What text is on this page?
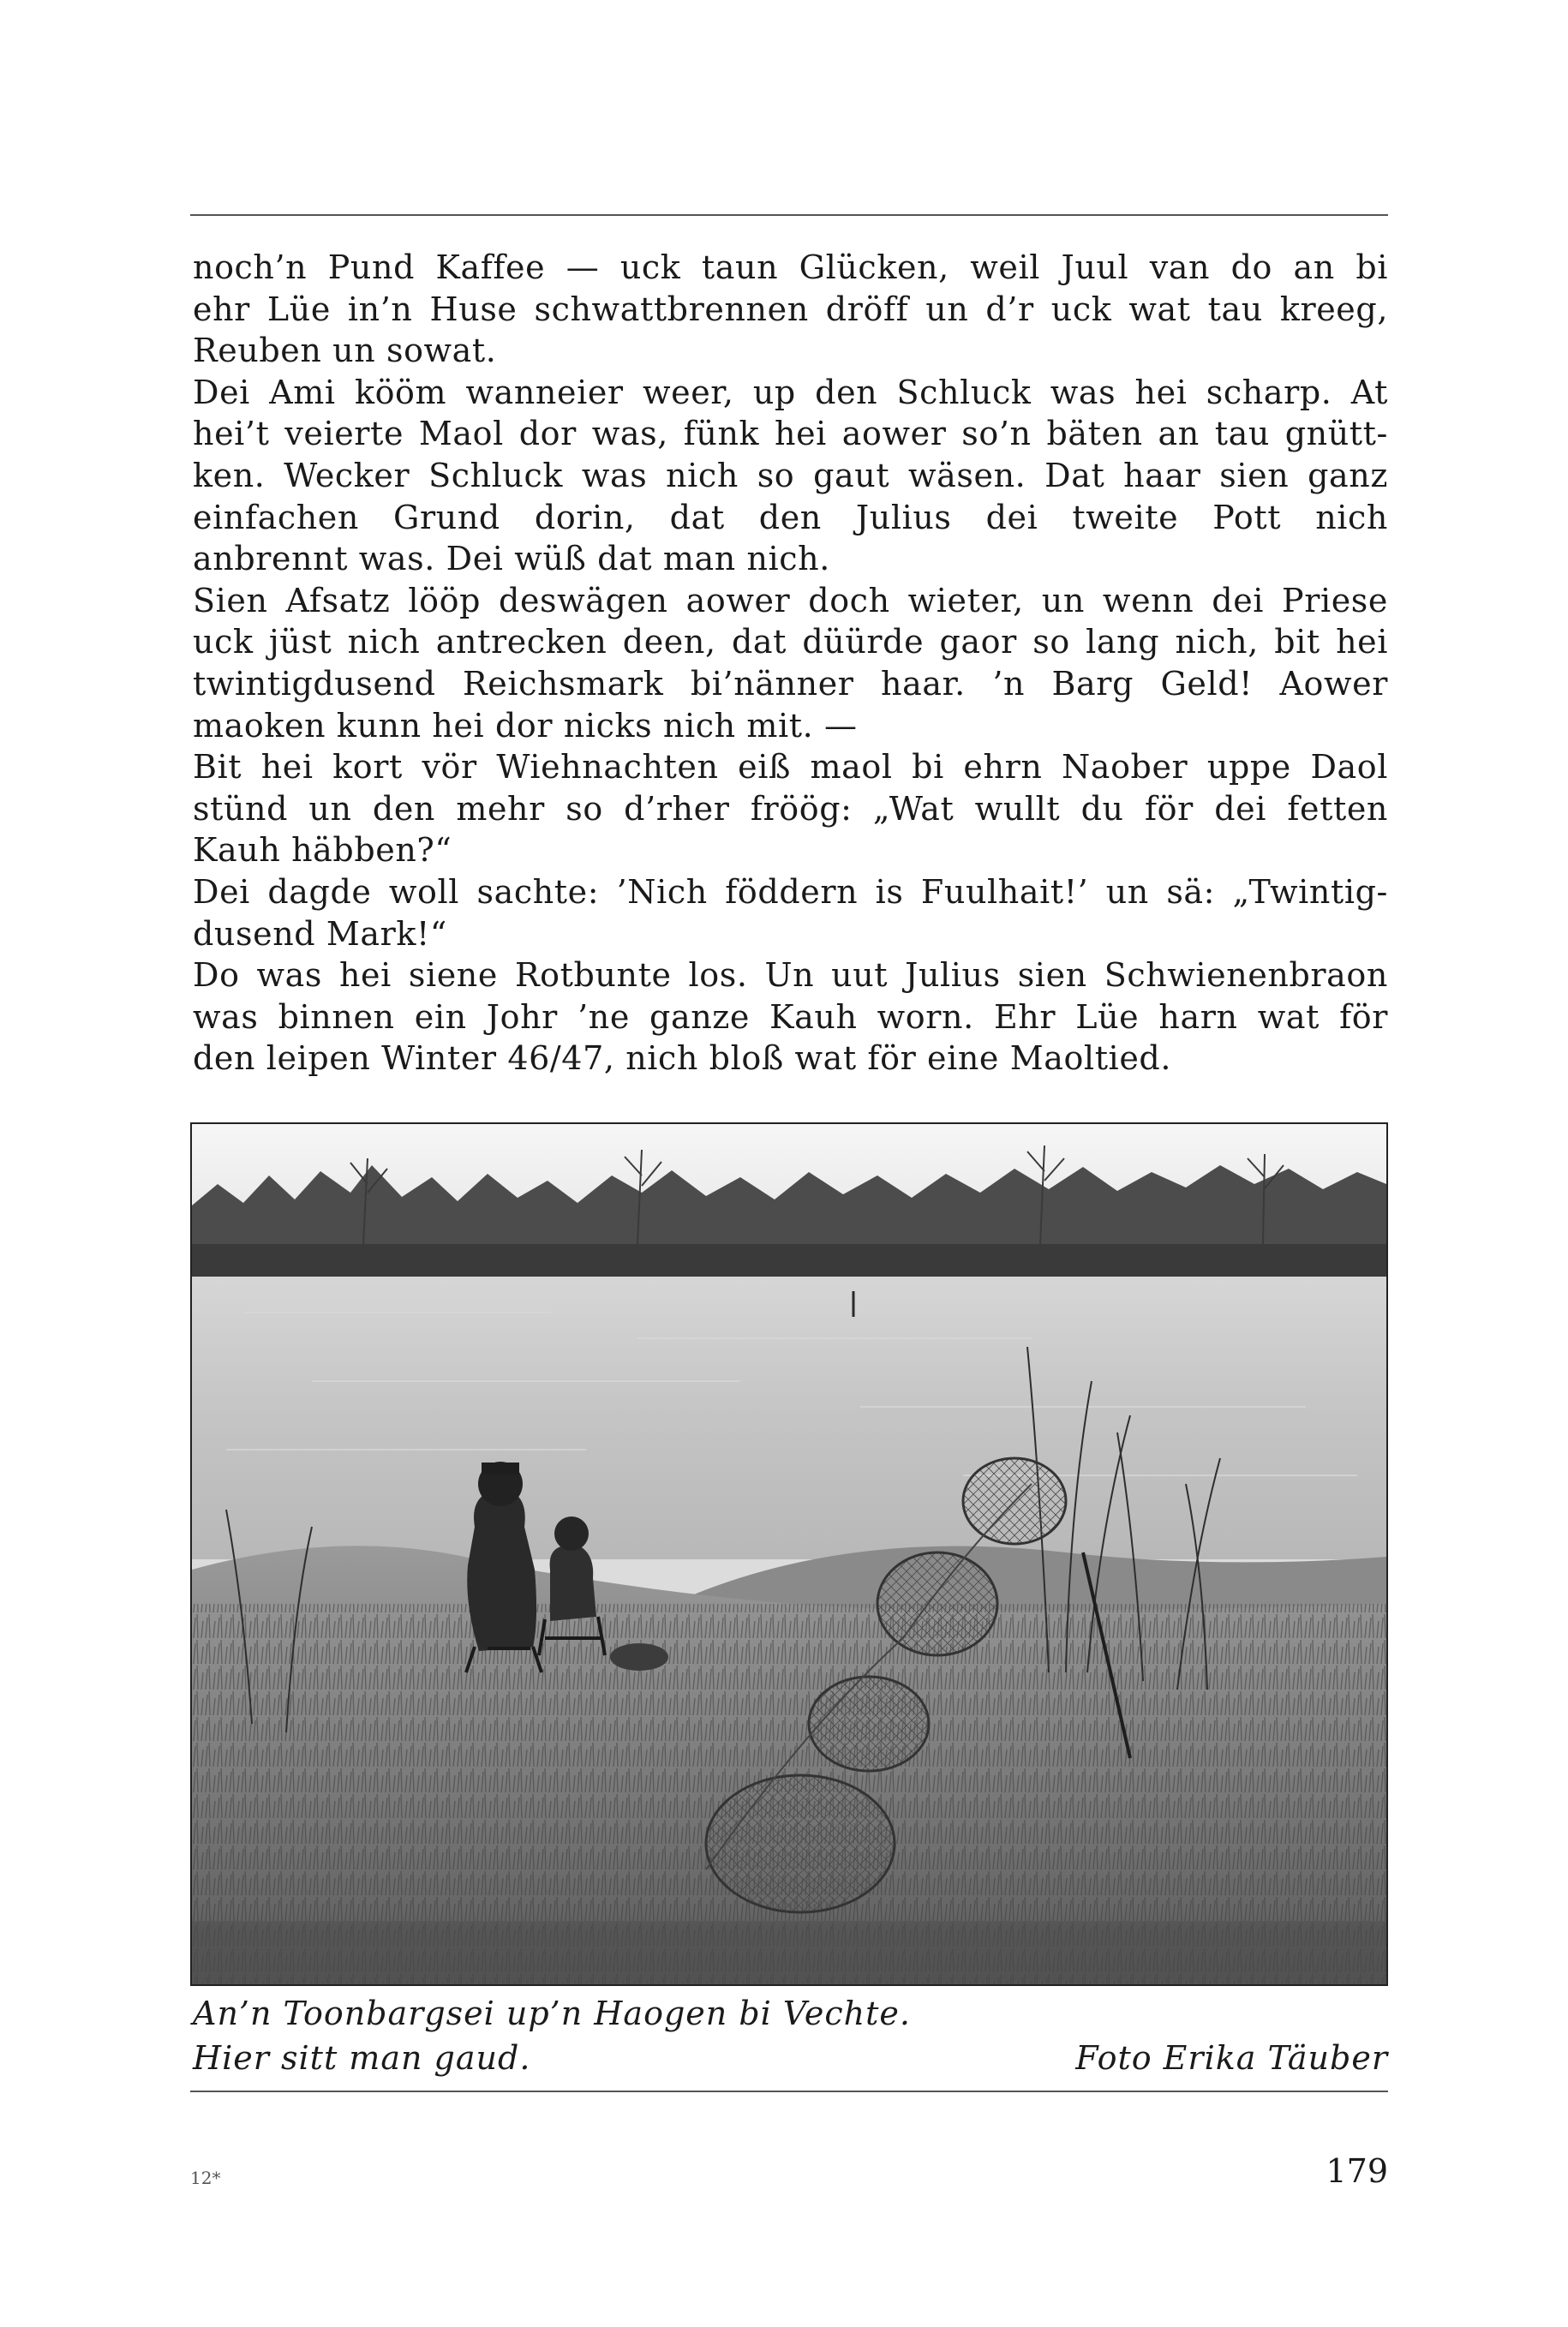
noch’n Pund Kaffee — uck taun Glücken, weil Juul van do an bi
ehr Lüe in’n Huse schwattbrennen dröff un d’r uck wat tau kreeg,
Reuben un sowat.
Dei Ami kööm wanneier weer, up den Schluck was hei scharp. At
hei’t veierte Maol dor was, fünk hei aower so’n bäten an tau gnütt-
ken. Wecker Schluck was nich so gaut wäsen. Dat haar sien ganz
einfachen Grund dorin, dat den Julius dei tweite Pott nich
anbrennt was. Dei wüß dat man nich.
Sien Afsatz lööp deswägen aower doch wieter, un wenn dei Priese
uck jüst nich antrecken deen, dat düürde gaor so lang nich, bit hei
twintigdusend Reichsmark bi’nänner haar. ’n Barg Geld! Aower
maoken kunn hei dor nicks nich mit. —
Bit hei kort vör Wiehnachten eiß maol bi ehrn Naober uppe Daol
stünd un den mehr so d’rher fröög: „Wat wullt du för dei fetten
Kauh häbben?“
Dei dagde woll sachte: ’Nich föddern is Fuulhait!’ un sä: „Twintig-
dusend Mark!“
Do was hei siene Rotbunte los. Un uut Julius sien Schwienenbraon
was binnen ein Johr ’ne ganze Kauh worn. Ehr Lüe harn wat för
den leipen Winter 46/47, nich bloß wat för eine Maoltied.
An’n Toonbargsei up’n Haogen bi Vechte.
Hier sitt man gaud.	Foto Erika Täuber
12*	179
